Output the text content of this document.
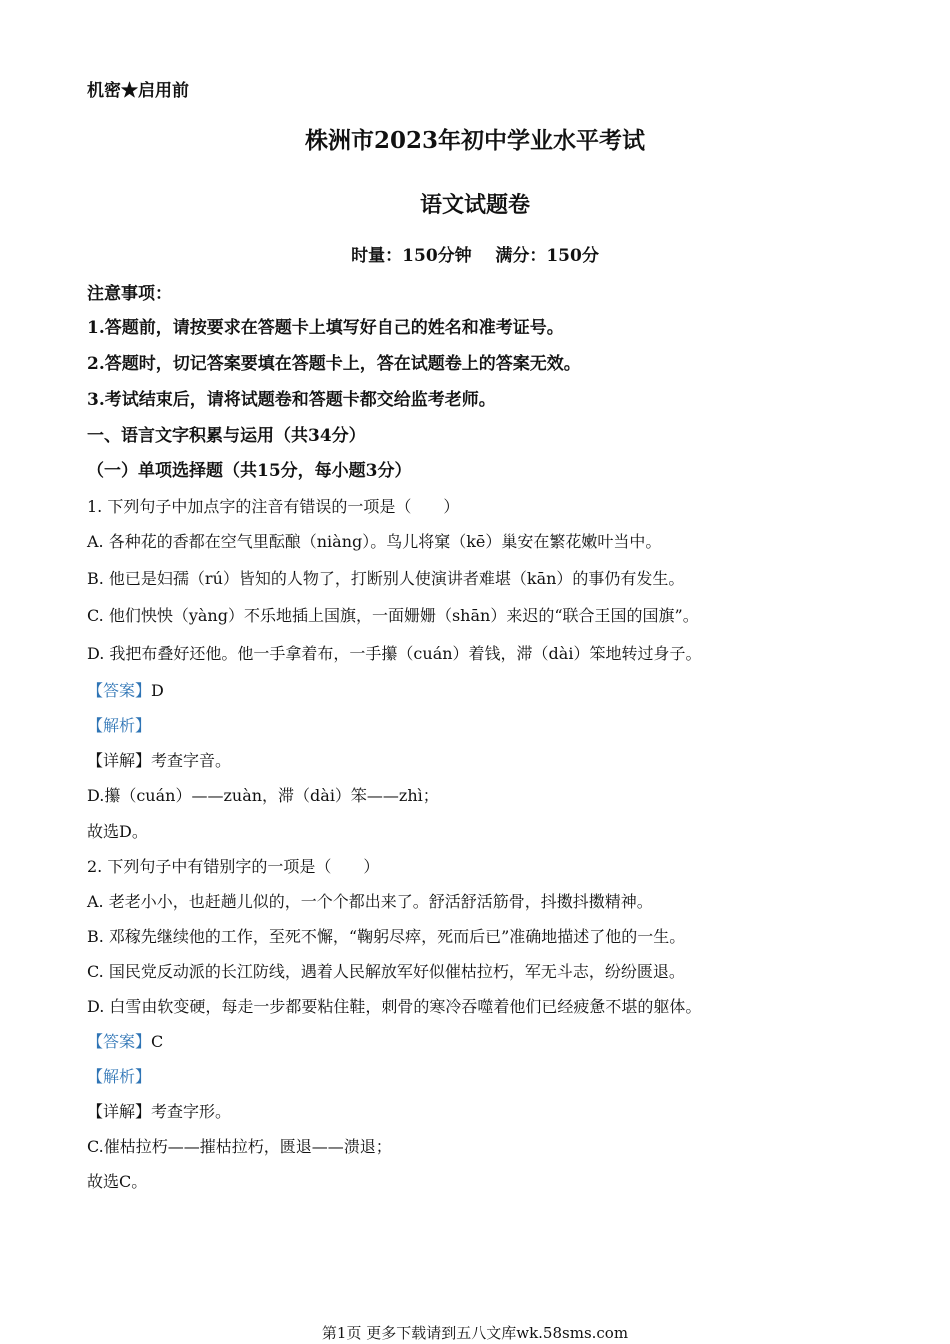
机密★启用前
株洲市2023年初中学业水平考试
语文试题卷
时量：150分钟    满分：150分
注意事项：
1.答题前，请按要求在答题卡上填写好自己的姓名和准考证号。
2.答题时，切记答案要填在答题卡上，答在试题卷上的答案无效。
3.考试结束后，请将试题卷和答题卡都交给监考老师。
一、语言文字积累与运用（共34分）
（一）单项选择题（共15分，每小题3分）
1. 下列句子中加点字的注音有错误的一项是（　　）
A. 各种花的香都在空气里酝酿（niàng）。鸟儿将窠（kē）巢安在繁花嫩叶当中。
B. 他已是妇孺（rú）皆知的人物了，打断别人使演讲者难堪（kān）的事仍有发生。
C. 他们怏怏（yàng）不乐地插上国旗，一面姗姗（shān）来迟的“联合王国的国旗”。
D. 我把布叠好还他。他一手拿着布，一手攥（cuán）着钱，滞（dài）笨地转过身子。
【答案】D
【解析】
【详解】考查字音。
D.攥（cuán）——zuàn，滞（dài）笨——zhì；
故选D。
2. 下列句子中有错别字的一项是（　　）
A. 老老小小，也赶趟儿似的，一个个都出来了。舒活舒活筋骨，抖擞抖擞精神。
B. 邓稼先继续他的工作，至死不懈，“鞠躬尽瘁，死而后已”准确地描述了他的一生。
C. 国民党反动派的长江防线，遇着人民解放军好似催枯拉朽，军无斗志，纷纷匮退。
D. 白雪由软变硬，每走一步都要粘住鞋，刺骨的寒冷吞噬着他们已经疲惫不堪的躯体。
【答案】C
【解析】
【详解】考查字形。
C.催枯拉朽——摧枯拉朽，匮退——溃退；
故选C。
第1页 更多下载请到五八文库wk.58sms.com
